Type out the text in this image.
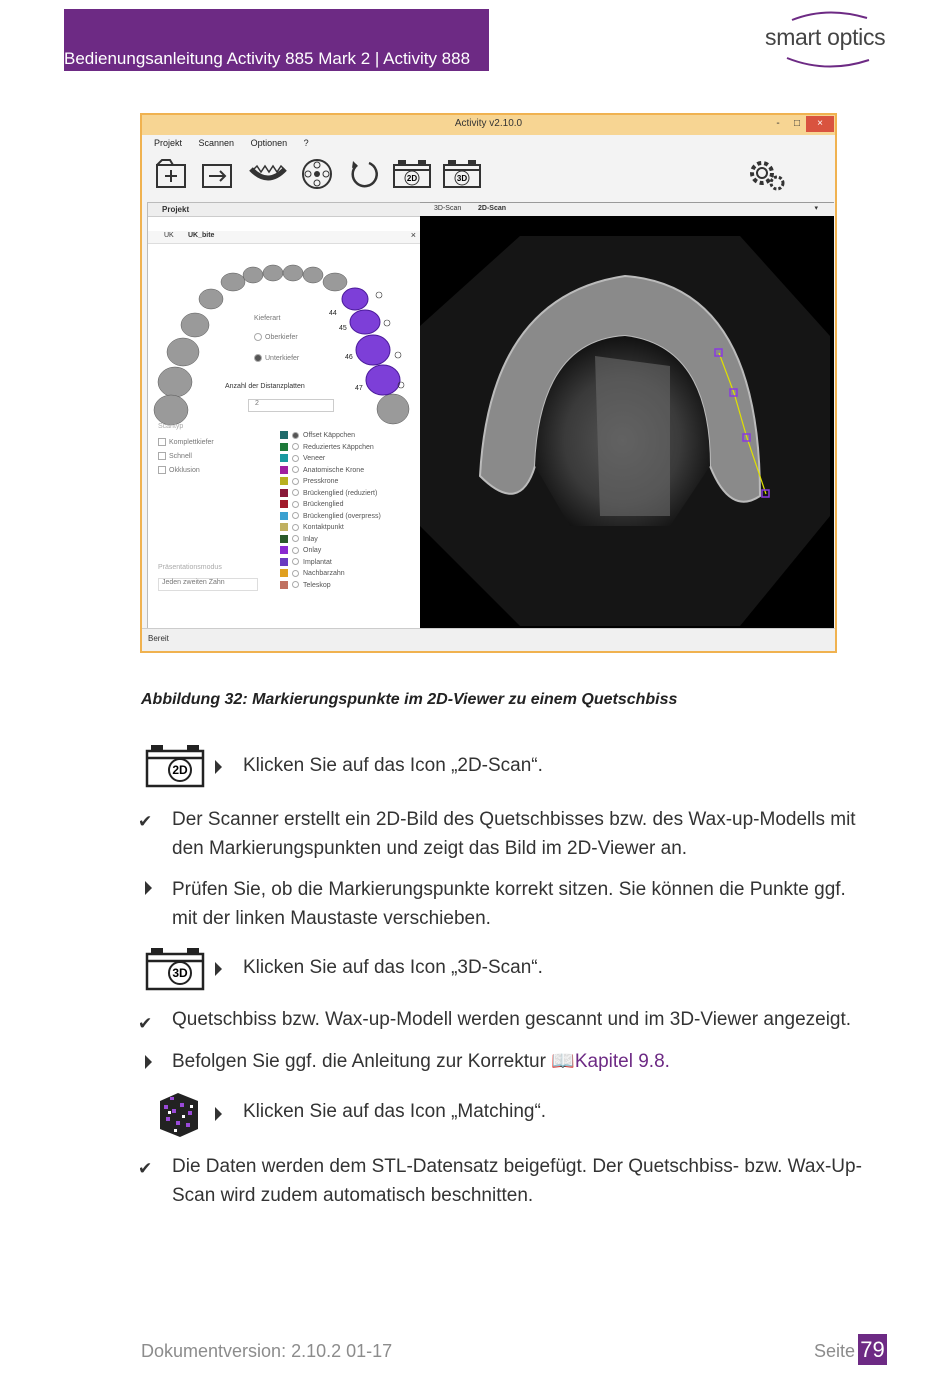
Bedienungsanleitung Activity 885 Mark 2 | Activity 888
smart optics
Activity v2.10.0	-	□	×
Projekt Scannen Optionen ?
2D	3D
Projekt
UK UK_bite	×
44
45
46
47
Kieferart
Oberkiefer
Unterkiefer
Anzahl der Distanzplatten
2
Scantyp
Komplettkiefer
Schnell
Okklusion
Präsentationsmodus
Jeden zweiten Zahn
Offset Käppchen
Reduziertes Käppchen
Veneer
Anatomische Krone
Presskrone
Brückenglied (reduziert)
Brückenglied
Brückenglied (overpress)
Kontaktpunkt
Inlay
Onlay
Implantat
Nachbarzahn
Teleskop
3D-Scan 2D-Scan	▾
Bereit
Abbildung 32: Markierungspunkte im 2D-Viewer zu einem Quetschbiss
2D	Klicken Sie auf das Icon „2D-Scan“.
✔ Der Scanner erstellt ein 2D-Bild des Quetschbisses bzw. des Wax-up-Modells mit den Markierungspunkten und zeigt das Bild im 2D-Viewer an.
Prüfen Sie, ob die Markierungspunkte korrekt sitzen. Sie können die Punkte ggf. mit der linken Maustaste verschieben.
3D	Klicken Sie auf das Icon „3D-Scan“.
✔ Quetschbiss bzw. Wax-up-Modell werden gescannt und im 3D-Viewer angezeigt.
Befolgen Sie ggf. die Anleitung zur Korrektur 📖Kapitel 9.8.
Klicken Sie auf das Icon „Matching“.
✔ Die Daten werden dem STL-Datensatz beigefügt. Der Quetschbiss- bzw. Wax-Up-Scan wird zudem automatisch beschnitten.
Dokumentversion: 2.10.2 01-17	Seite 79
